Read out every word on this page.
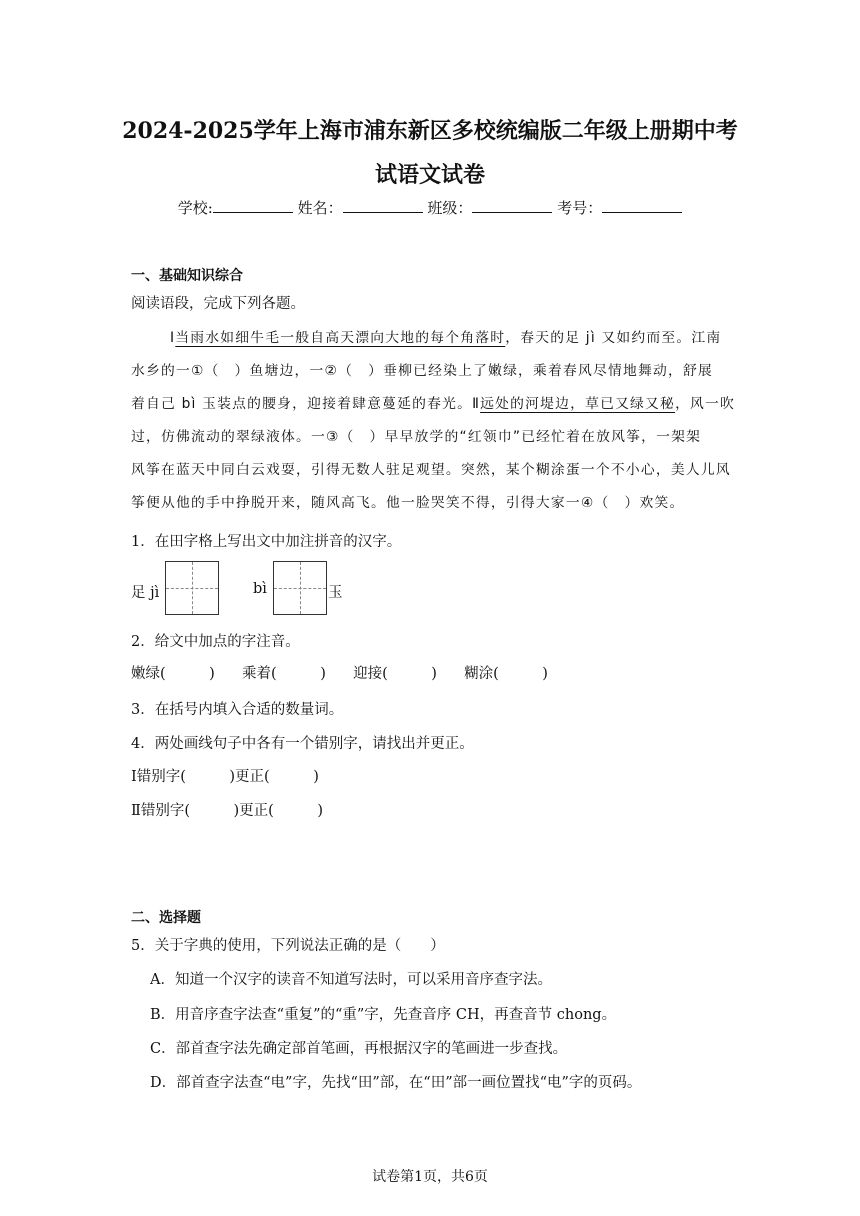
2024-2025学年上海市浦东新区多校统编版二年级上册期中考
试语文试卷
学校:	姓名：	班级：	考号：
一、基础知识综合
阅读语段，完成下列各题。
Ⅰ当雨水如细牛毛一般自高天漂向大地的每个角落时，春天的足 jì 又如约而至。江南
水乡的一①（　）鱼塘边，一②（　）垂柳已经染上了嫩绿，乘着春风尽情地舞动，舒展
着自己 bì 玉装点的腰身，迎接着肆意蔓延的春光。Ⅱ远处的河堤边，草已又绿又秘，风一吹
过，仿佛流动的翠绿液体。一③（　）早早放学的“红领巾”已经忙着在放风筝，一架架
风筝在蓝天中同白云戏耍，引得无数人驻足观望。突然，某个糊涂蛋一个不小心，美人儿风
筝便从他的手中挣脱开来，随风高飞。他一脸哭笑不得，引得大家一④（　）欢笑。
1．在田字格上写出文中加注拼音的汉字。
足 jì	bì	玉
2．给文中加点的字注音。
嫩绿(　　　) 乘着(　　　) 迎接(　　　) 糊涂(　　　)
3．在括号内填入合适的数量词。
4．两处画线句子中各有一个错别字，请找出并更正。
Ⅰ错别字(　　　)更正(　　　)
Ⅱ错别字(　　　)更正(　　　)
二、选择题
5．关于字典的使用，下列说法正确的是（　　）
A．知道一个汉字的读音不知道写法时，可以采用音序查字法。
B．用音序查字法查“重复”的“重”字，先查音序 CH，再查音节 chong。
C．部首查字法先确定部首笔画，再根据汉字的笔画进一步查找。
D．部首查字法查“电”字，先找“田”部，在“田”部一画位置找“电”字的页码。
试卷第1页，共6页
